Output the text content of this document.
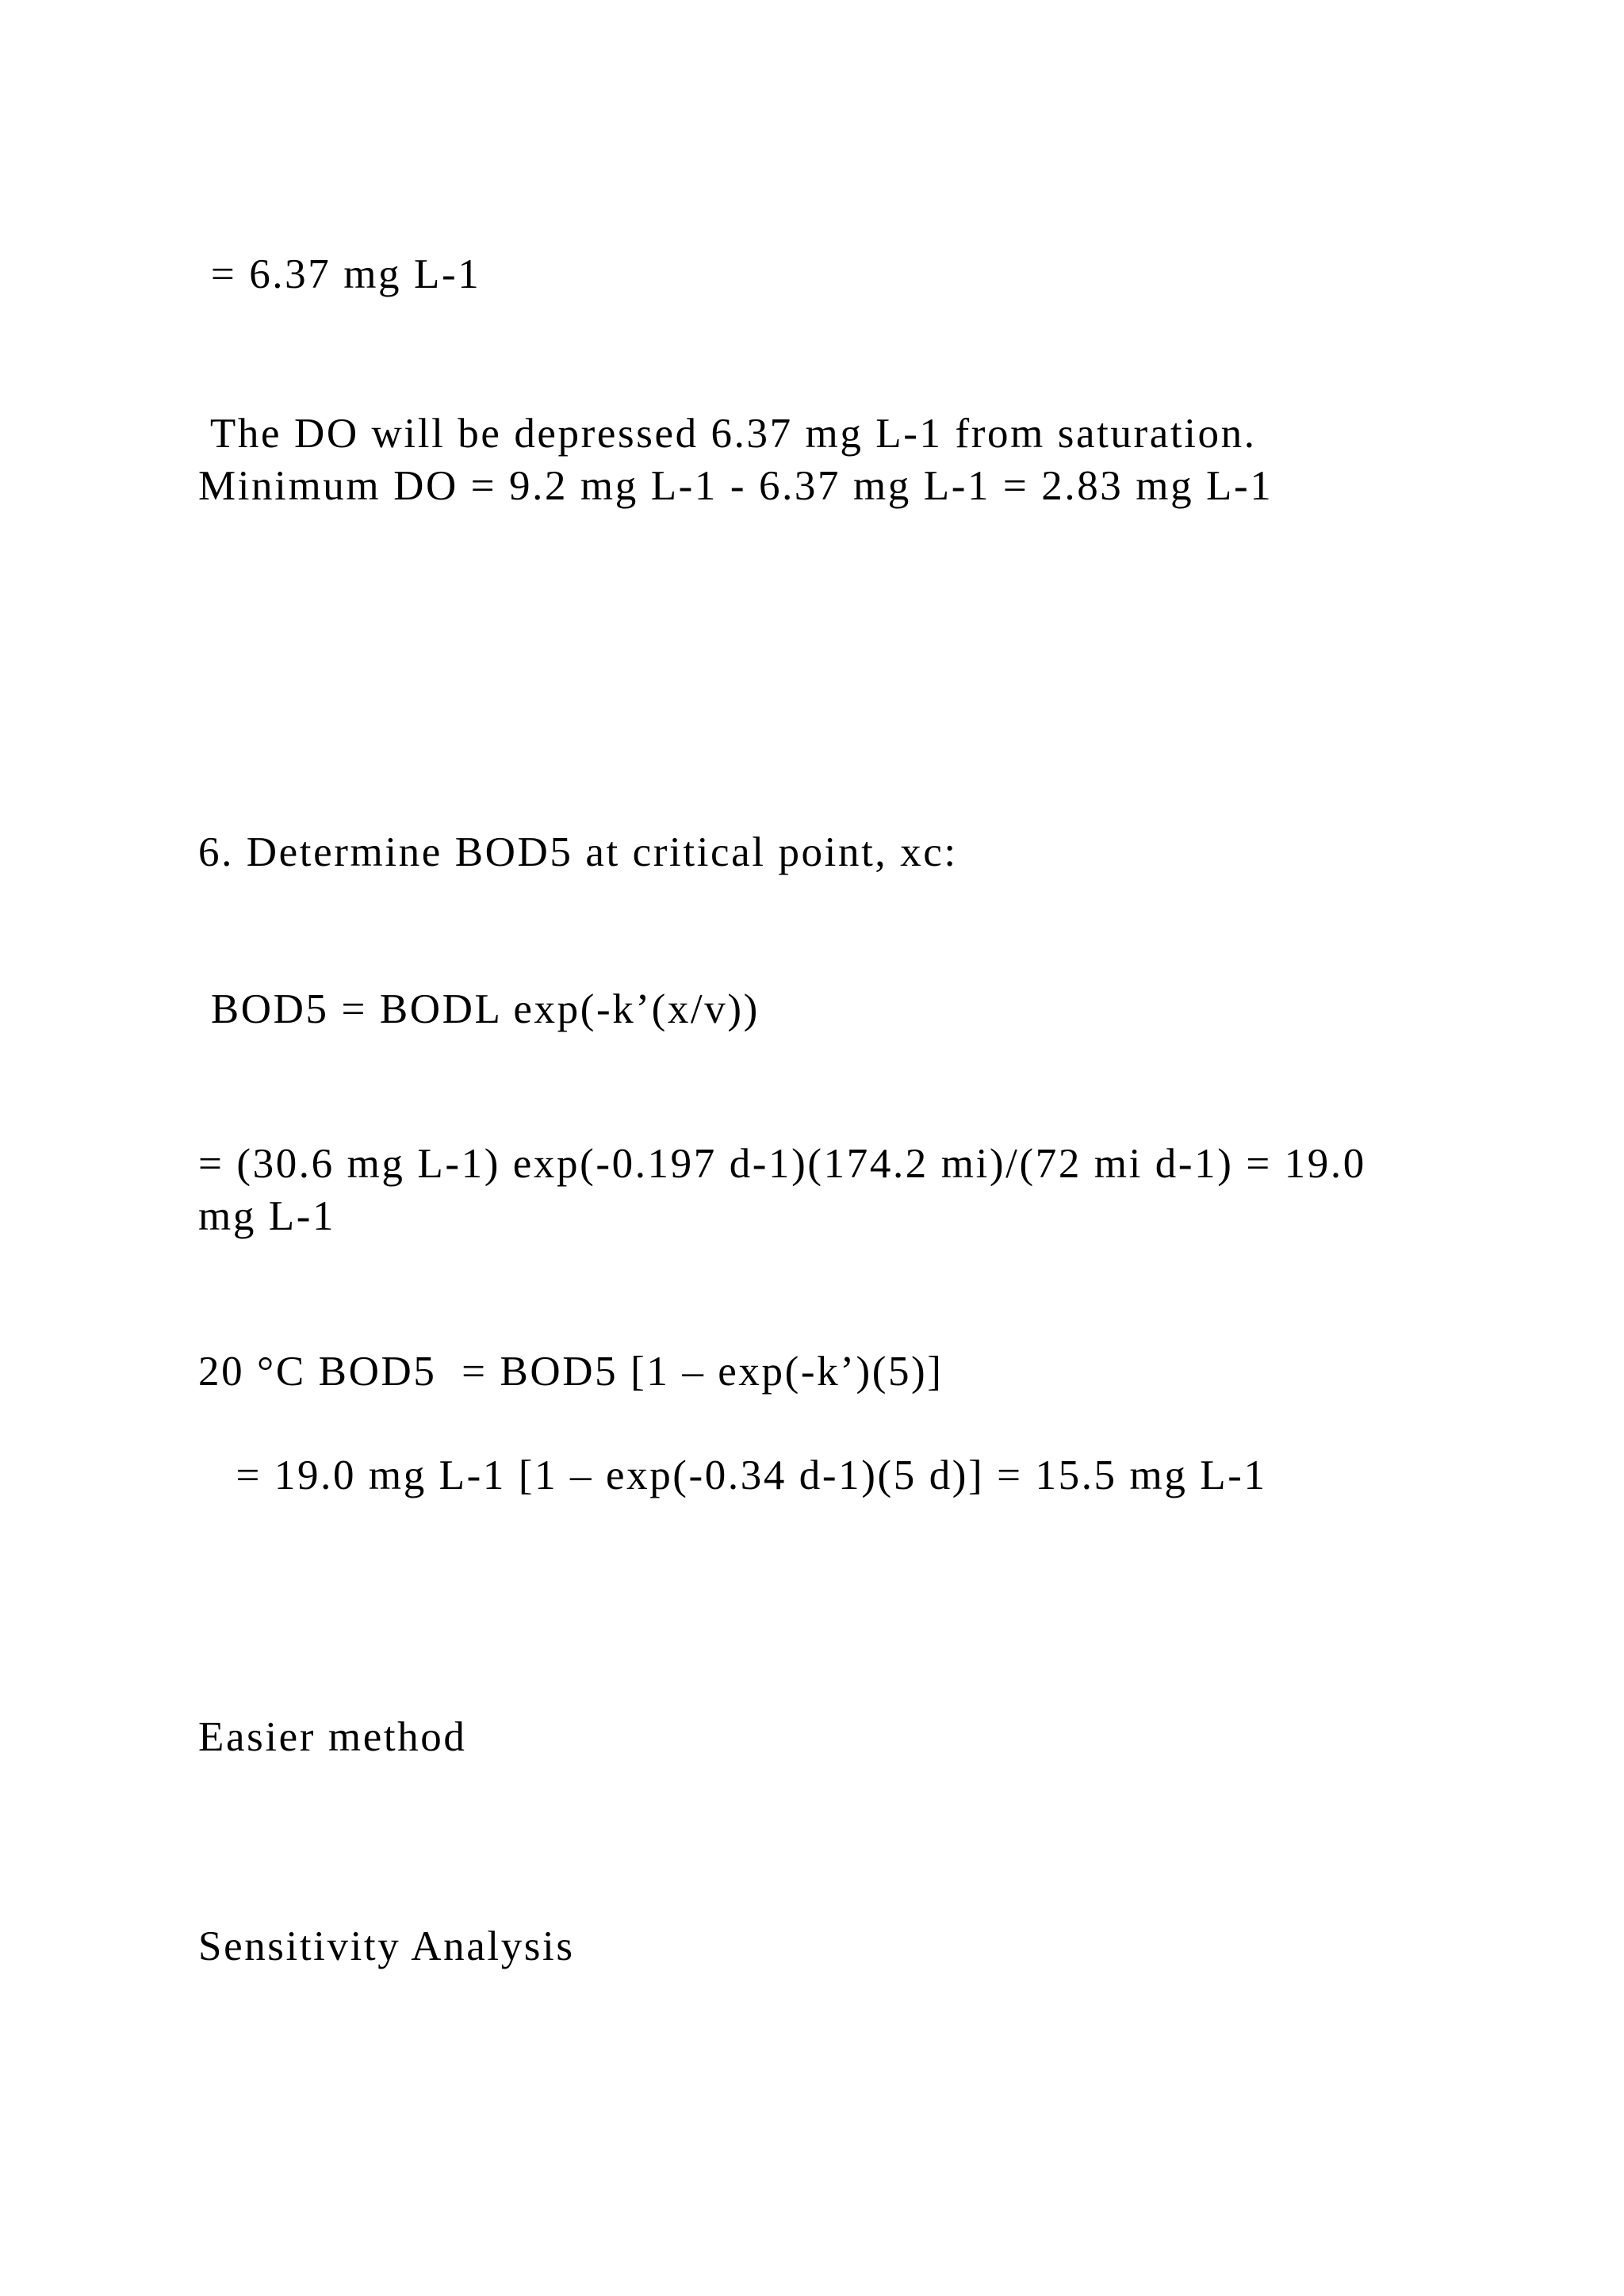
= 6.37 mg L-1
The DO will be depressed 6.37 mg L-1 from saturation.
Minimum DO = 9.2 mg L-1 - 6.37 mg L-1 = 2.83 mg L-1
6. Determine BOD5 at critical point, xc:
BOD5 = BODL exp(-k’(x/v))
= (30.6 mg L-1) exp(-0.197 d-1)(174.2 mi)/(72 mi d-1) = 19.0
mg L-1
20 °C BOD5  = BOD5 [1 – exp(-k’)(5)]
= 19.0 mg L-1 [1 – exp(-0.34 d-1)(5 d)] = 15.5 mg L-1
Easier method
Sensitivity Analysis
